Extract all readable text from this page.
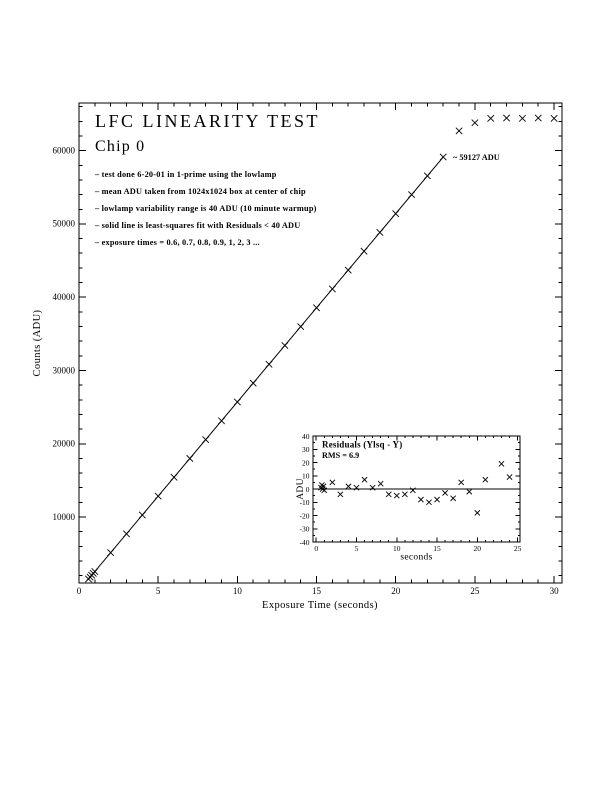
0	5	10	15	20	25	30
10000
20000
30000
40000
50000
60000
LFC LINEARITY TEST
Chip 0
– test done 6-20-01 in 1-prime using the lowlamp
– mean ADU taken from 1024x1024 box at center of chip
– lowlamp variability range is 40 ADU (10 minute warmup)
– solid line is least-squares fit with Residuals < 40 ADU
– exposure times = 0.6, 0.7, 0.8, 0.9, 1, 2, 3 ...
~ 59127 ADU
Counts (ADU)
Exposure Time (seconds)
0	5	10	15	20	25
-40
-30
-20
-10
0
10
20
30
40
Residuals (Ylsq - Y)
RMS = 6.9
ADU
seconds
